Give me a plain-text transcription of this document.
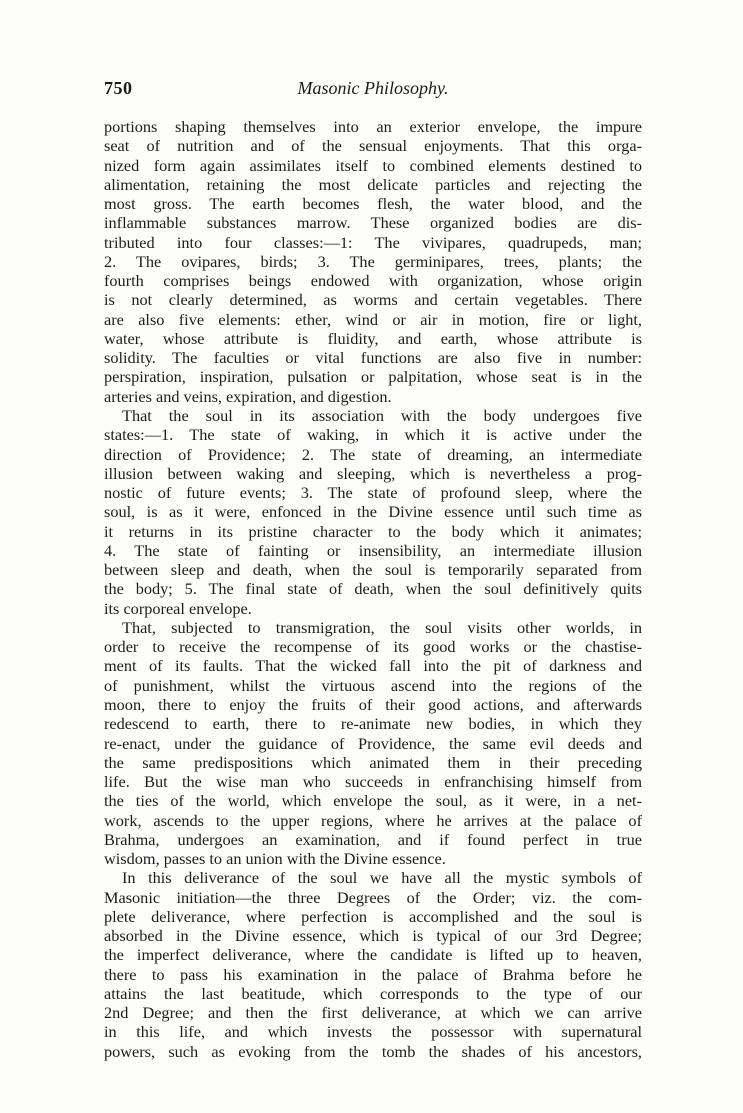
750	Masonic Philosophy.
portions shaping themselves into an exterior envelope, the impure
seat of nutrition and of the sensual enjoyments. That this orga-
nized form again assimilates itself to combined elements destined to
alimentation, retaining the most delicate particles and rejecting the
most gross. The earth becomes flesh, the water blood, and the
inflammable substances marrow. These organized bodies are dis-
tributed into four classes:—1: The vivipares, quadrupeds, man;
2. The ovipares, birds; 3. The germinipares, trees, plants; the
fourth comprises beings endowed with organization, whose origin
is not clearly determined, as worms and certain vegetables. There
are also five elements: ether, wind or air in motion, fire or light,
water, whose attribute is fluidity, and earth, whose attribute is
solidity. The faculties or vital functions are also five in number:
perspiration, inspiration, pulsation or palpitation, whose seat is in the
arteries and veins, expiration, and digestion.
That the soul in its association with the body undergoes five
states:—1. The state of waking, in which it is active under the
direction of Providence; 2. The state of dreaming, an intermediate
illusion between waking and sleeping, which is nevertheless a prog-
nostic of future events; 3. The state of profound sleep, where the
soul, is as it were, enfonced in the Divine essence until such time as
it returns in its pristine character to the body which it animates;
4. The state of fainting or insensibility, an intermediate illusion
between sleep and death, when the soul is temporarily separated from
the body; 5. The final state of death, when the soul definitively quits
its corporeal envelope.
That, subjected to transmigration, the soul visits other worlds, in
order to receive the recompense of its good works or the chastise-
ment of its faults. That the wicked fall into the pit of darkness and
of punishment, whilst the virtuous ascend into the regions of the
moon, there to enjoy the fruits of their good actions, and afterwards
redescend to earth, there to re-animate new bodies, in which they
re-enact, under the guidance of Providence, the same evil deeds and
the same predispositions which animated them in their preceding
life. But the wise man who succeeds in enfranchising himself from
the ties of the world, which envelope the soul, as it were, in a net-
work, ascends to the upper regions, where he arrives at the palace of
Brahma, undergoes an examination, and if found perfect in true
wisdom, passes to an union with the Divine essence.
In this deliverance of the soul we have all the mystic symbols of
Masonic initiation—the three Degrees of the Order; viz. the com-
plete deliverance, where perfection is accomplished and the soul is
absorbed in the Divine essence, which is typical of our 3rd Degree;
the imperfect deliverance, where the candidate is lifted up to heaven,
there to pass his examination in the palace of Brahma before he
attains the last beatitude, which corresponds to the type of our
2nd Degree; and then the first deliverance, at which we can arrive
in this life, and which invests the possessor with supernatural
powers, such as evoking from the tomb the shades of his ancestors,
